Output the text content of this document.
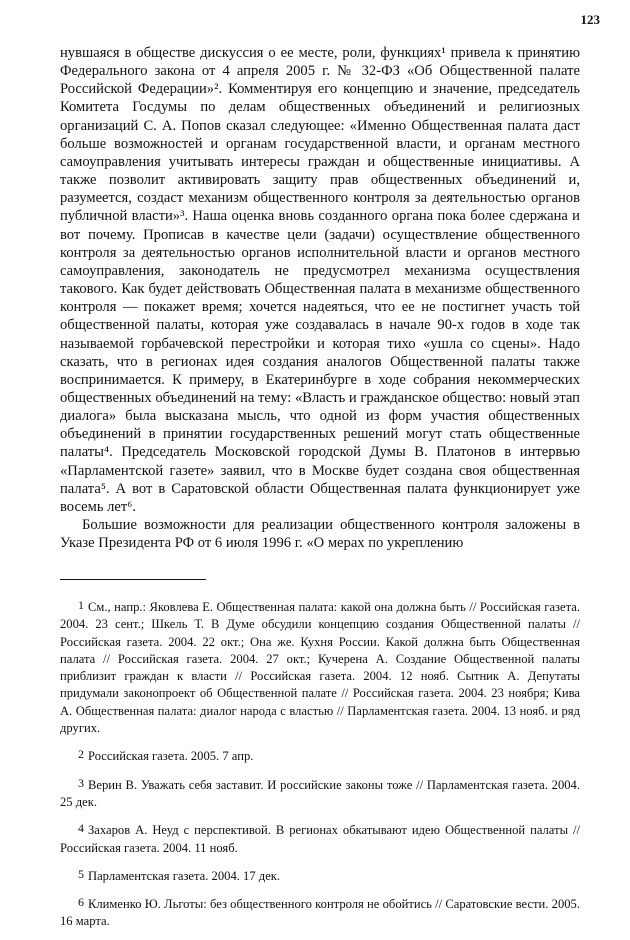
123

нувшаяся в обществе дискуссия о ее месте, роли, функциях¹ привела к принятию Федерального закона от 4 апреля 2005 г. № 32-ФЗ «Об Общественной палате Российской Федерации»². Комментируя его концепцию и значение, председатель Комитета Госдумы по делам общественных объединений и религиозных организаций С. А. Попов сказал следующее: «Именно Общественная палата даст больше возможностей и органам государственной власти, и органам местного самоуправления учитывать интересы граждан и общественные инициативы. А также позволит активировать защиту прав общественных объединений и, разумеется, создаст механизм общественного контроля за деятельностью органов публичной власти»³. Наша оценка вновь созданного органа пока более сдержана и вот почему. Прописав в качестве цели (задачи) осуществление общественного контроля за деятельностью органов исполнительной власти и органов местного самоуправления, законодатель не предусмотрел механизма осуществления такового. Как будет действовать Общественная палата в механизме общественного контроля — покажет время; хочется надеяться, что ее не постигнет участь той общественной палаты, которая уже создавалась в начале 90-х годов в ходе так называемой горбачевской перестройки и которая тихо «ушла со сцены». Надо сказать, что в регионах идея создания аналогов Общественной палаты также воспринимается. К примеру, в Екатеринбурге в ходе собрания некоммерческих общественных объединений на тему: «Власть и гражданское общество: новый этап диалога» была высказана мысль, что одной из форм участия общественных объединений в принятии государственных решений могут стать общественные палаты⁴. Председатель Московской городской Думы В. Платонов в интервью «Парламентской газете» заявил, что в Москве будет создана своя общественная палата⁵. А вот в Саратовской области Общественная палата функционирует уже восемь лет⁶.

Большие возможности для реализации общественного контроля заложены в Указе Президента РФ от 6 июля 1996 г. «О мерах по укреплению

1 См., напр.: Яковлева Е. Общественная палата: какой она должна быть // Российская газета. 2004. 23 сент.; Шкель Т. В Думе обсудили концепцию создания Общественной палаты // Российская газета. 2004. 22 окт.; Она же. Кухня России. Какой должна быть Общественная палата // Российская газета. 2004. 27 окт.; Кучерена А. Создание Общественной палаты приблизит граждан к власти // Российская газета. 2004. 12 нояб. Сытник А. Депутаты придумали законопроект об Общественной палате // Российская газета. 2004. 23 ноября; Кива А. Общественная палата: диалог народа с властью // Парламентская газета. 2004. 13 нояб. и ряд других.

2 Российская газета. 2005. 7 апр.

3 Верин В. Уважать себя заставит. И российские законы тоже // Парламентская газета. 2004. 25 дек.

4 Захаров А. Неуд с перспективой. В регионах обкатывают идею Общественной палаты // Российская газета. 2004. 11 нояб.

5 Парламентская газета. 2004. 17 дек.

6 Клименко Ю. Льготы: без общественного контроля не обойтись // Саратовские вести. 2005. 16 марта.
